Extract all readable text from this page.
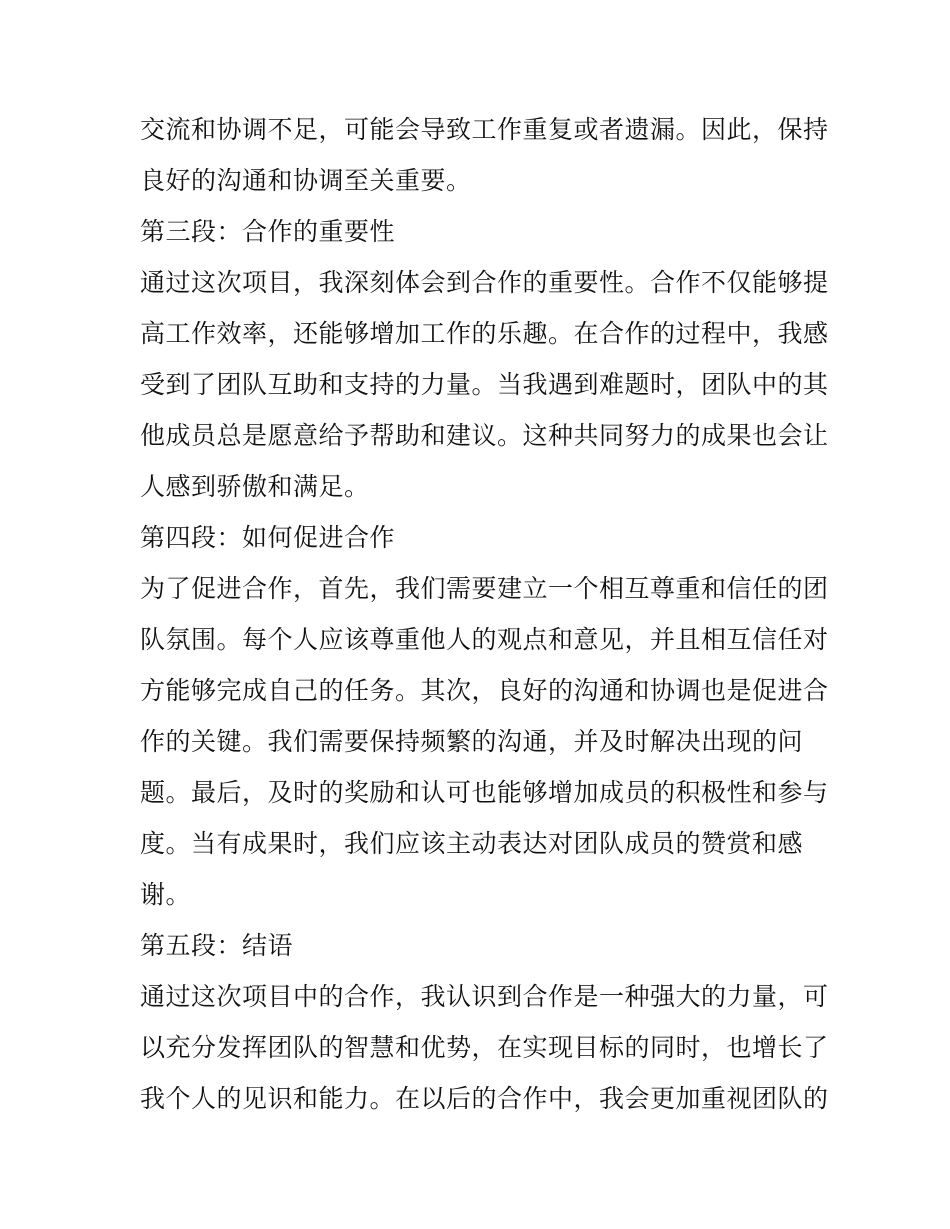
交流和协调不足，可能会导致工作重复或者遗漏。因此，保持
良好的沟通和协调至关重要。
第三段：合作的重要性
通过这次项目，我深刻体会到合作的重要性。合作不仅能够提
高工作效率，还能够增加工作的乐趣。在合作的过程中，我感
受到了团队互助和支持的力量。当我遇到难题时，团队中的其
他成员总是愿意给予帮助和建议。这种共同努力的成果也会让
人感到骄傲和满足。
第四段：如何促进合作
为了促进合作，首先，我们需要建立一个相互尊重和信任的团
队氛围。每个人应该尊重他人的观点和意见，并且相互信任对
方能够完成自己的任务。其次，良好的沟通和协调也是促进合
作的关键。我们需要保持频繁的沟通，并及时解决出现的问
题。最后，及时的奖励和认可也能够增加成员的积极性和参与
度。当有成果时，我们应该主动表达对团队成员的赞赏和感
谢。
第五段：结语
通过这次项目中的合作，我认识到合作是一种强大的力量，可
以充分发挥团队的智慧和优势，在实现目标的同时，也增长了
我个人的见识和能力。在以后的合作中，我会更加重视团队的
